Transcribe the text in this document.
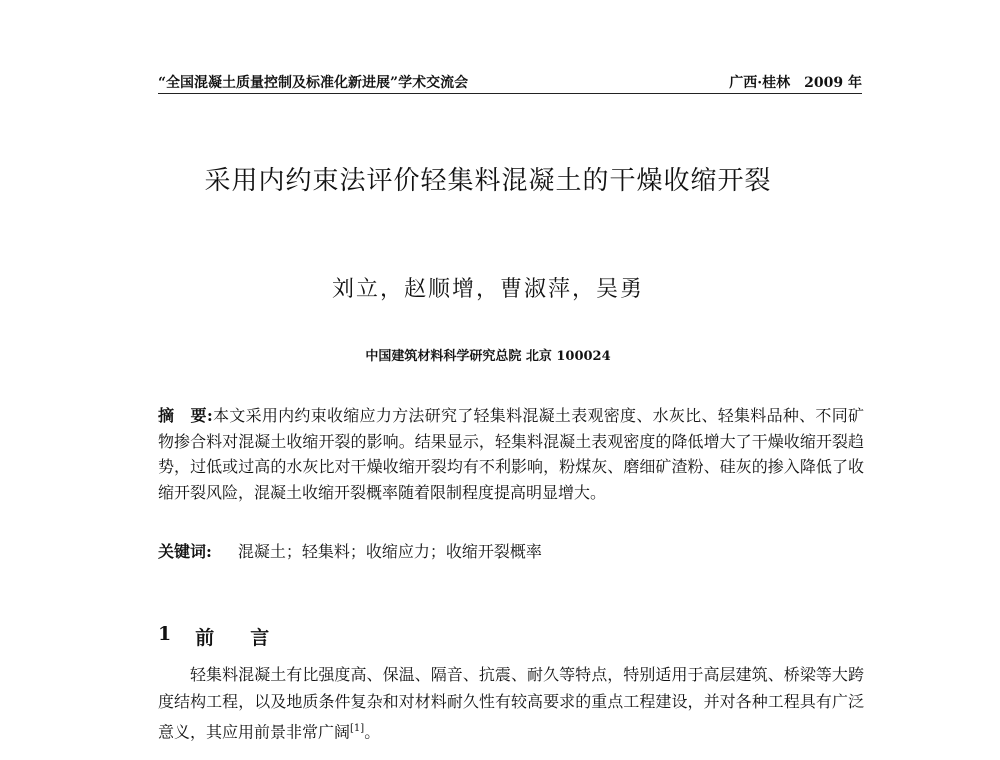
“全国混凝土质量控制及标准化新进展”学术交流会	广西·桂林 2009 年
采用内约束法评价轻集料混凝土的干燥收缩开裂
刘立，赵顺增，曹淑萍，吴勇
中国建筑材料科学研究总院 北京 100024
摘　要:本文采用内约束收缩应力方法研究了轻集料混凝土表观密度、水灰比、轻集料品种、不同矿物掺合料对混凝土收缩开裂的影响。结果显示，轻集料混凝土表观密度的降低增大了干燥收缩开裂趋势，过低或过高的水灰比对干燥收缩开裂均有不利影响，粉煤灰、磨细矿渣粉、硅灰的掺入降低了收缩开裂风险，混凝土收缩开裂概率随着限制程度提高明显增大。
关键词: 混凝土；轻集料；收缩应力；收缩开裂概率
1 前言
轻集料混凝土有比强度高、保温、隔音、抗震、耐久等特点，特别适用于高层建筑、桥梁等大跨度结构工程，以及地质条件复杂和对材料耐久性有较高要求的重点工程建设，并对各种工程具有广泛意义，其应用前景非常广阔[1]。
